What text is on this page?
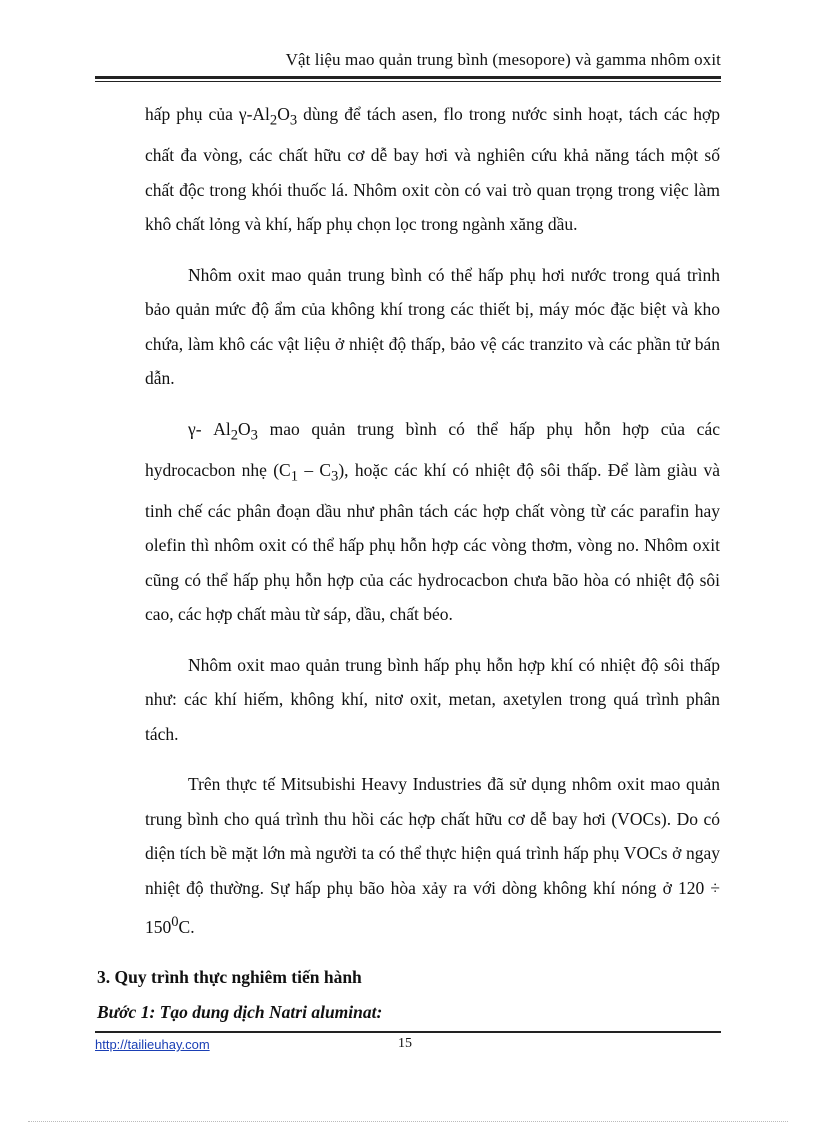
Vật liệu mao quản trung bình (mesopore) và gamma nhôm oxit

hấp phụ của $\gamma-Al_2O_3$ dùng để tách asen, flo trong nước sinh hoạt, tách các hợp chất đa vòng, các chất hữu cơ dễ bay hơi và nghiên cứu khả năng tách một số chất độc trong khói thuốc lá. Nhôm oxit còn có vai trò quan trọng trong việc làm khô chất lỏng và khí, hấp phụ chọn lọc trong ngành xăng dầu.

Nhôm oxit mao quản trung bình có thể hấp phụ hơi nước trong quá trình bảo quản mức độ ẩm của không khí trong các thiết bị, máy móc đặc biệt và kho chứa, làm khô các vật liệu ở nhiệt độ thấp, bảo vệ các tranzito và các phần tử bán dẫn.

γ- $Al_2O_3$ mao quản trung bình có thể hấp phụ hỗn hợp của các hydrocacbon nhẹ $(C_1 - C_3)$, hoặc các khí có nhiệt độ sôi thấp. Để làm giàu và tinh chế các phân đoạn dầu như phân tách các hợp chất vòng từ các parafin hay olefin thì nhôm oxit có thể hấp phụ hỗn hợp các vòng thơm, vòng no. Nhôm oxit cũng có thể hấp phụ hỗn hợp của các hydrocacbon chưa bão hòa có nhiệt độ sôi cao, các hợp chất màu từ sáp, dầu, chất béo.

Nhôm oxit mao quản trung bình hấp phụ hỗn hợp khí có nhiệt độ sôi thấp như: các khí hiếm, không khí, nitơ oxit, metan, axetylen trong quá trình phân tách.

Trên thực tế Mitsubishi Heavy Industries đã sử dụng nhôm oxit mao quản trung bình cho quá trình thu hồi các hợp chất hữu cơ dễ bay hơi (VOCs). Do có diện tích bề mặt lớn mà người ta có thể thực hiện quá trình hấp phụ VOCs ở ngay nhiệt độ thường. Sự hấp phụ bão hòa xảy ra với dòng không khí nóng ở $120 \div 150^0C$.

3. Quy trình thực nghiêm tiến hành
Bước 1: Tạo dung dịch Natri aluminat:
http://tailieuhay.com	15
